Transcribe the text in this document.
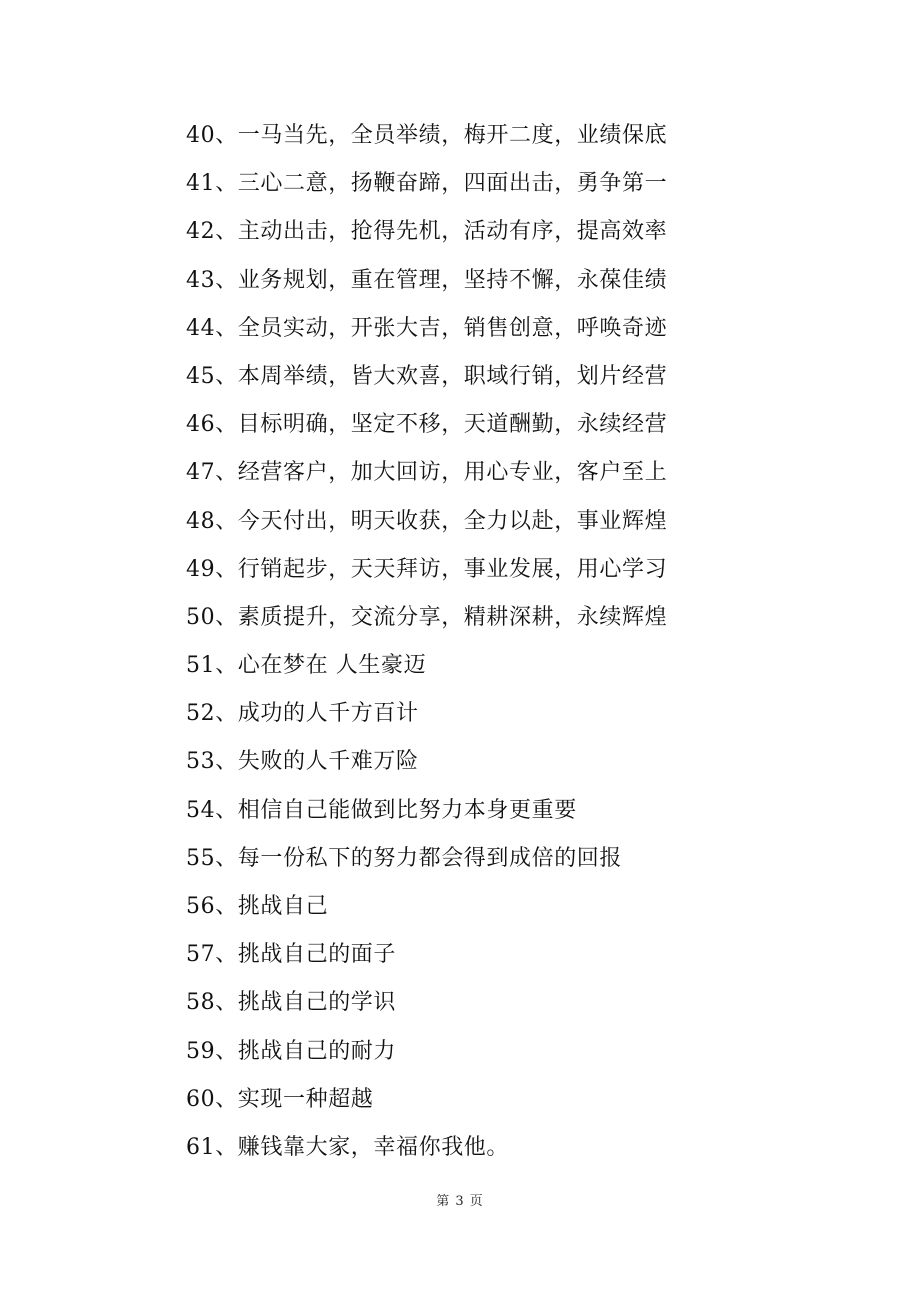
40、一马当先，全员举绩，梅开二度，业绩保底
41、三心二意，扬鞭奋蹄，四面出击，勇争第一
42、主动出击，抢得先机，活动有序，提高效率
43、业务规划，重在管理，坚持不懈，永葆佳绩
44、全员实动，开张大吉，销售创意，呼唤奇迹
45、本周举绩，皆大欢喜，职域行销，划片经营
46、目标明确，坚定不移，天道酬勤，永续经营
47、经营客户，加大回访，用心专业，客户至上
48、今天付出，明天收获，全力以赴，事业辉煌
49、行销起步，天天拜访，事业发展，用心学习
50、素质提升，交流分享，精耕深耕，永续辉煌
51、心在梦在 人生豪迈
52、成功的人千方百计
53、失败的人千难万险
54、相信自己能做到比努力本身更重要
55、每一份私下的努力都会得到成倍的回报
56、挑战自己
57、挑战自己的面子
58、挑战自己的学识
59、挑战自己的耐力
60、实现一种超越
61、赚钱靠大家，幸福你我他。
第 3 页
